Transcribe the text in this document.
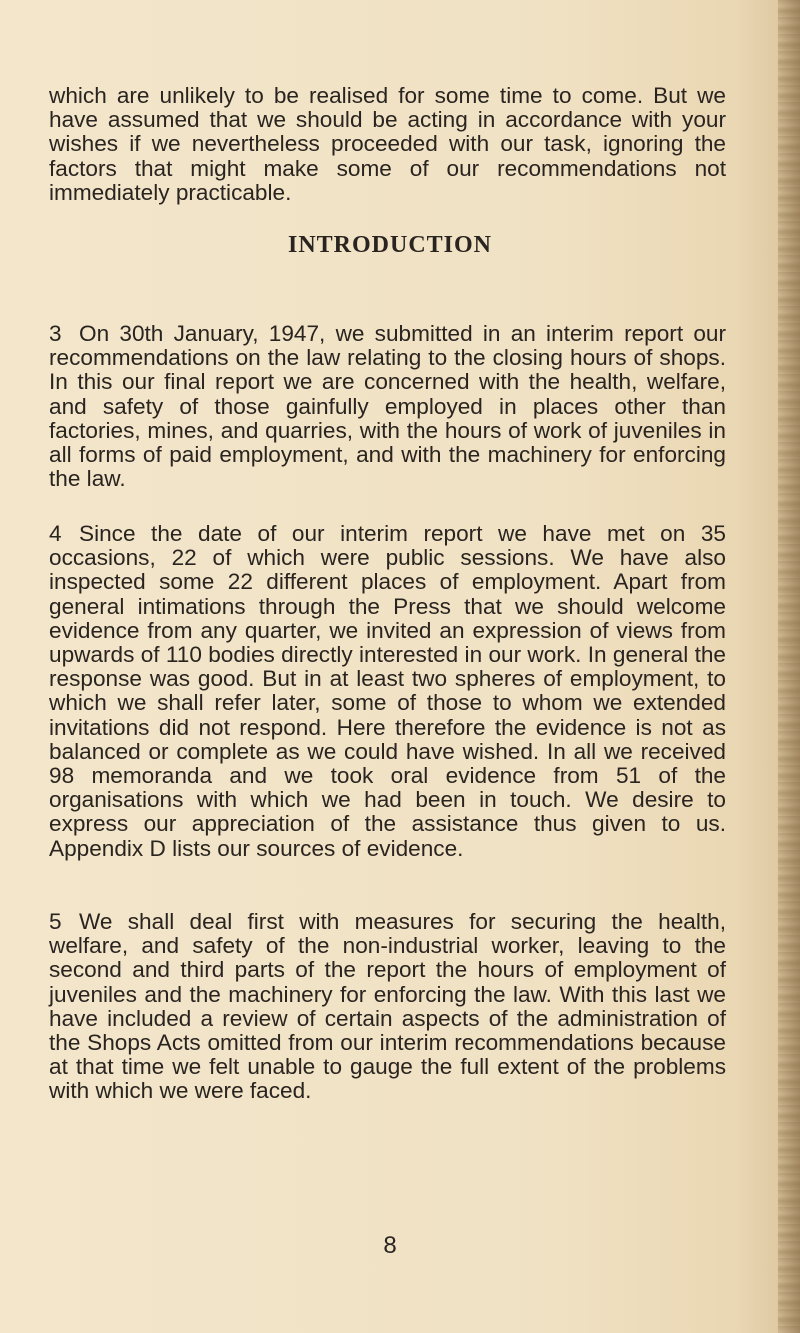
which are unlikely to be realised for some time to come. But we have assumed that we should be acting in accordance with your wishes if we nevertheless proceeded with our task, ignoring the factors that might make some of our recommendations not immediately practicable.

INTRODUCTION

3 On 30th January, 1947, we submitted in an interim report our recommendations on the law relating to the closing hours of shops. In this our final report we are concerned with the health, welfare, and safety of those gainfully employed in places other than factories, mines, and quarries, with the hours of work of juveniles in all forms of paid employment, and with the machinery for enforcing the law.

4 Since the date of our interim report we have met on 35 occasions, 22 of which were public sessions. We have also inspected some 22 different places of employment. Apart from general intimations through the Press that we should welcome evidence from any quarter, we invited an expression of views from upwards of 110 bodies directly interested in our work. In general the response was good. But in at least two spheres of employment, to which we shall refer later, some of those to whom we extended invitations did not respond. Here therefore the evidence is not as balanced or complete as we could have wished. In all we received 98 memoranda and we took oral evidence from 51 of the organisations with which we had been in touch. We desire to express our appreciation of the assistance thus given to us. Appendix D lists our sources of evidence.

5 We shall deal first with measures for securing the health, welfare, and safety of the non-industrial worker, leaving to the second and third parts of the report the hours of employment of juveniles and the machinery for enforcing the law. With this last we have included a review of certain aspects of the administration of the Shops Acts omitted from our interim recommendations because at that time we felt unable to gauge the full extent of the problems with which we were faced.

8
